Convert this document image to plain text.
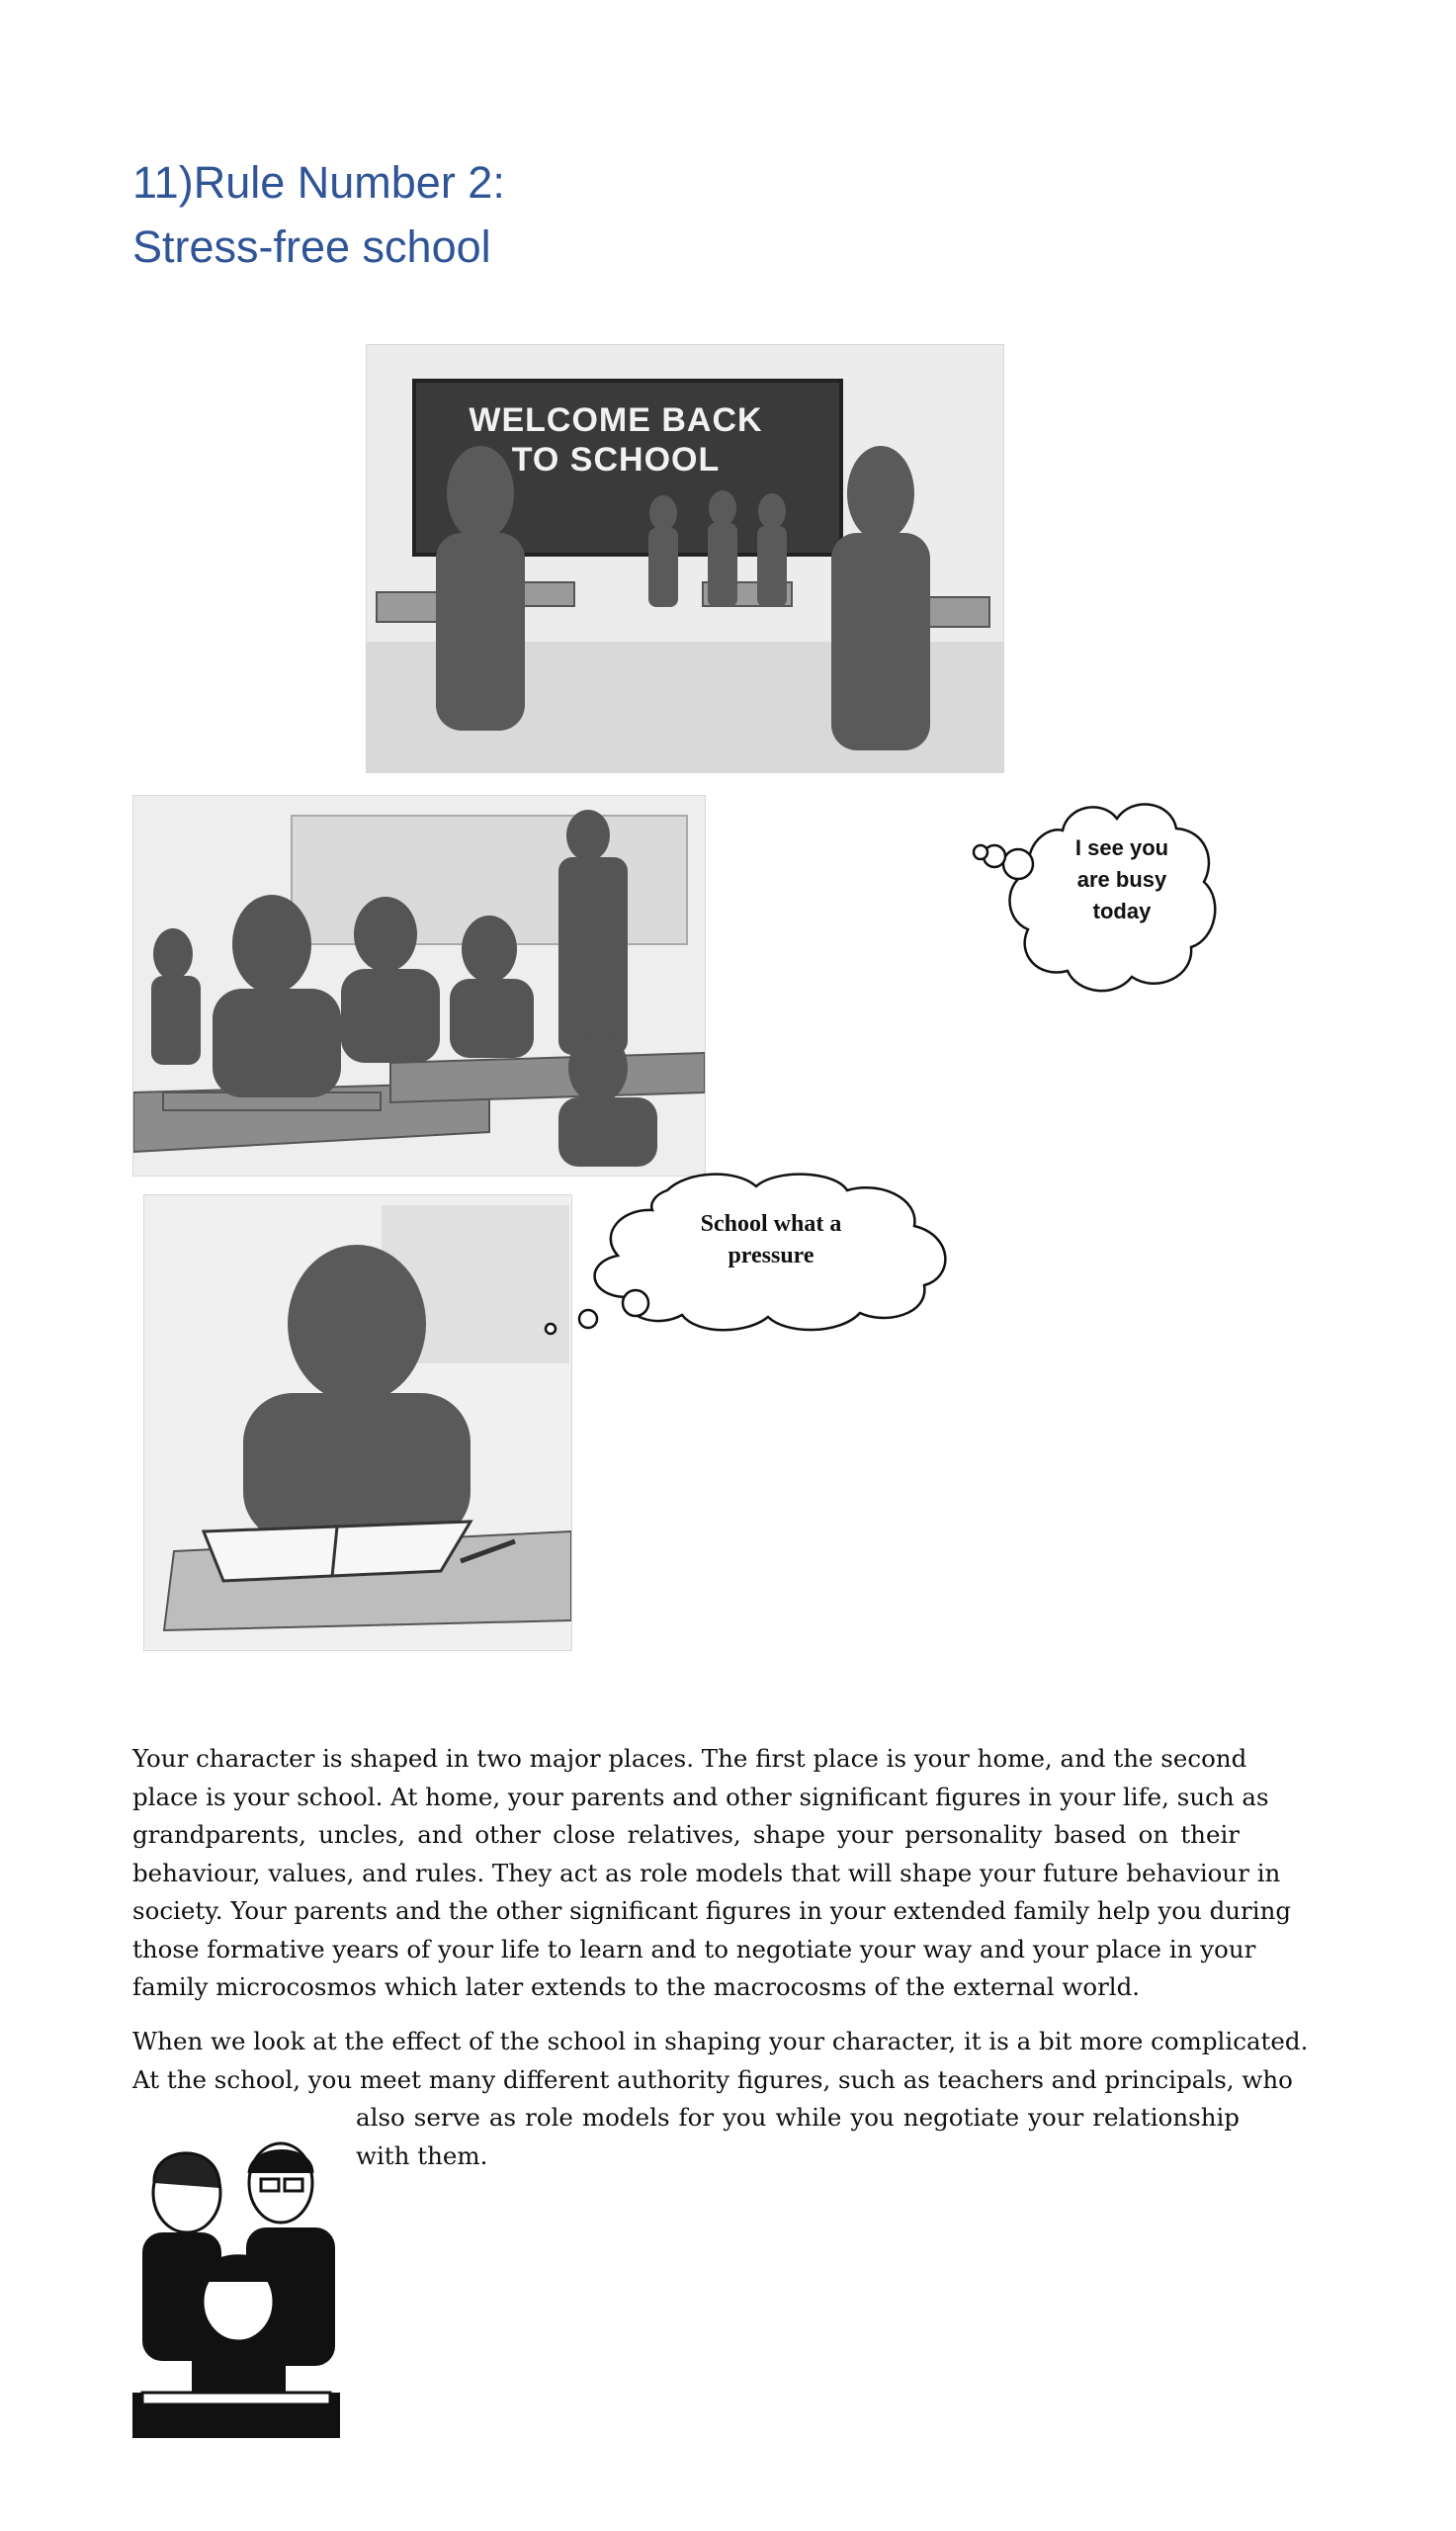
11)Rule Number 2:
Stress-free school
WELCOME BACK
TO SCHOOL
I see you
are busy
today
School what a
pressure

Your character is shaped in two major places. The first place is your home, and the second
place is your school. At home, your parents and other significant figures in your life, such as
grandparents, uncles, and other close relatives, shape your personality based on their
behaviour, values, and rules. They act as role models that will shape your future behaviour in
society. Your parents and the other significant figures in your extended family help you during
those formative years of your life to learn and to negotiate your way and your place in your
family microcosmos which later extends to the macrocosms of the external world.

When we look at the effect of the school in shaping your character, it is a bit more complicated.
At the school, you meet many different authority figures, such as teachers and principals, who

also serve as role models for you while you negotiate your relationship
with them.
